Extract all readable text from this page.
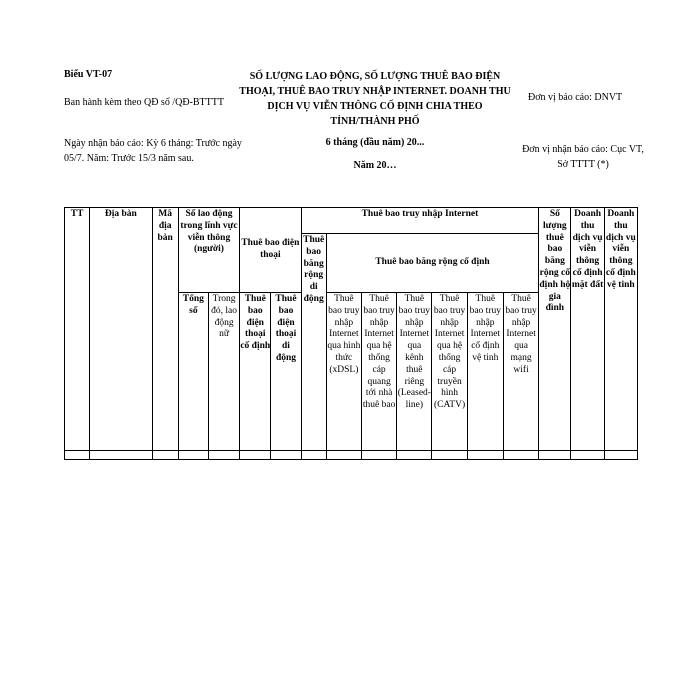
Biểu VT-07
Ban hành kèm theo QĐ số /QĐ-BTTTT
Ngày nhận báo cáo: Kỳ 6 tháng: Trước ngày 05/7. Năm: Trước 15/3 năm sau.
SỐ LƯỢNG LAO ĐỘNG, SỐ LƯỢNG THUÊ BAO ĐIỆN THOẠI, THUÊ BAO TRUY NHẬP INTERNET. DOANH THU DỊCH VỤ VIỄN THÔNG CỐ ĐỊNH CHIA THEO TỈNH/THÀNH PHỐ
6 tháng (đầu năm) 20...
Năm 20…
Đơn vị báo cáo: DNVT
Đơn vị nhận báo cáo: Cục VT, Sở TTTT (*)
TT	Địa bàn	Mã địa bàn	Số lao động trong lĩnh vực viễn thông (người)		Thuê bao điện thoại		Thuê bao truy nhập Internet							Số lượng thuê bao băng rộng cố định hộ gia đình	Doanh thu dịch vụ viễn thông cố định mặt đất	Doanh thu dịch vụ viễn thông cố định vệ tinh
							Thuê bao băng rộng di động	Thuê bao băng rộng cố định								
			Tổng số	Trong đó, lao động nữ	Thuê bao điện thoại cố định	Thuê bao điện thoại di động		Thuê bao truy nhập Internet qua hình thức (xDSL)	Thuê bao truy nhập Internet qua hệ thống cáp quang tới nhà thuê bao	Thuê bao truy nhập Internet qua kênh thuê riêng (Leased-line)	Thuê bao truy nhập Internet qua hệ thống cáp truyền hình (CATV)	Thuê bao truy nhập Internet cố định vệ tinh	Thuê bao truy nhập Internet qua mạng wifi			
